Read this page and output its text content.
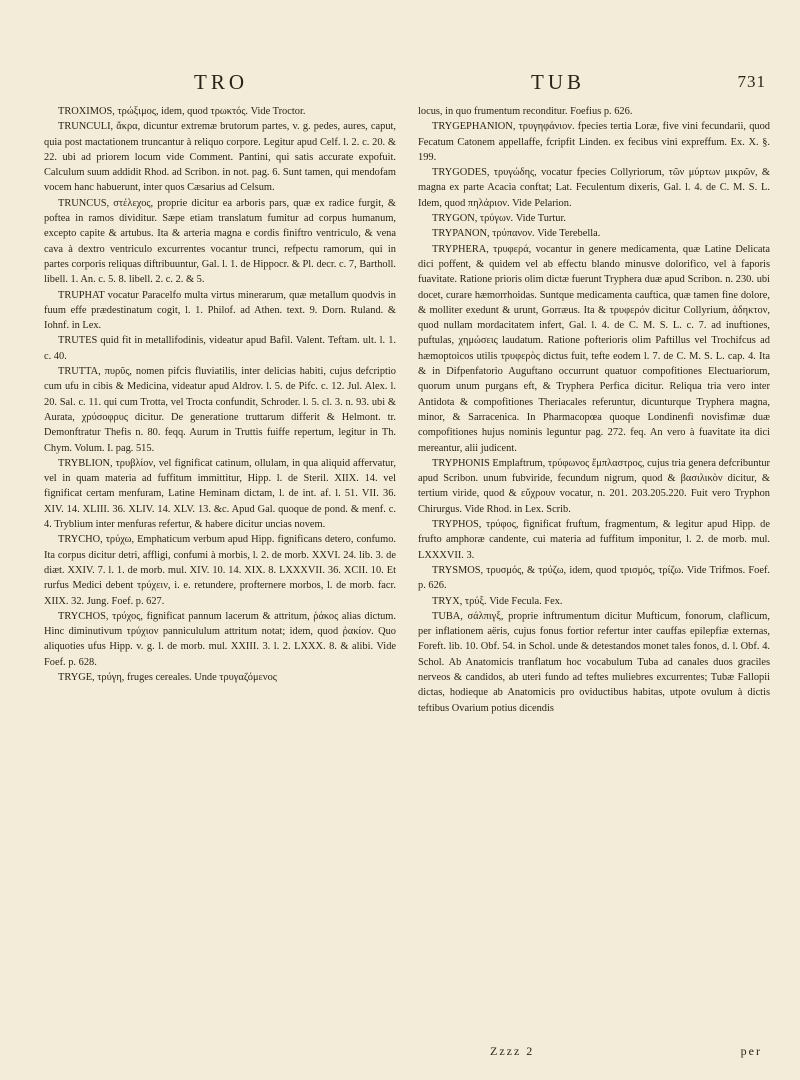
TRO	TUB	731

TROXIMOS, τρώξιμος, idem, quod τρωκτός. Vide Troctor.

TRUNCULI, ἄκρα, dicuntur extremæ brutorum partes, v. g. pedes, aures, caput, quia post mactationem truncantur à reliquo corpore. Legitur apud Celf. l. 2. c. 20. & 22. ubi ad priorem locum vide Comment. Pantini, qui satis accurate expofuit. Calculum suum addidit Rhod. ad Scribon. in not. pag. 6. Sunt tamen, qui mendofam vocem hanc habuerunt, inter quos Cæsarius ad Celsum.

TRUNCUS, στέλεχος, proprie dicitur ea arboris pars, quæ ex radice furgit, & poftea in ramos dividitur. Sæpe etiam translatum fumitur ad corpus humanum, excepto capite & artubus. Ita & arteria magna e cordis finiftro ventriculo, & vena cava à dextro ventriculo excurrentes vocantur trunci, refpectu ramorum, qui in partes corporis reliquas diftribuuntur, Gal. l. 1. de Hippocr. & Pl. decr. c. 7, Bartholl. libell. 1. An. c. 5. 8. libell. 2. c. 2. & 5.

TRUPHAT vocatur Paracelfo multa virtus minerarum, quæ metallum quodvis in fuum effe prædestinatum cogit, l. 1. Philof. ad Athen. text. 9. Dorn. Ruland. & Iohnf. in Lex.

TRUTES quid fit in metallifodinis, videatur apud Bafil. Valent. Teftam. ult. l. 1. c. 40.

TRUTTA, πυρῦς, nomen pifcis fluviatilis, inter delicias habiti, cujus defcriptio cum ufu in cibis & Medicina, videatur apud Aldrov. l. 5. de Pifc. c. 12. Jul. Alex. l. 20. Sal. c. 11. qui cum Trotta, vel Trocta confundit, Schroder. l. 5. cl. 3. n. 93. ubi & Aurata, χρύσοφρυς dicitur. De generatione truttarum differit & Helmont. tr. Demonftratur Thefis n. 80. feqq. Aurum in Truttis fuiffe repertum, legitur in Th. Chym. Volum. I. pag. 515.

TRYBLION, τρυβλίον, vel fignificat catinum, ollulam, in qua aliquid affervatur, vel in quam materia ad fuffitum immittitur, Hipp. l. de Steril. XIIX. 14. vel fignificat certam menfuram, Latine Heminam dictam, l. de int. af. l. 51. VII. 36. XIV. 14. XLIII. 36. XLIV. 14. XLV. 13. &c. Apud Gal. quoque de pond. & menf. c. 4. Tryblium inter menfuras refertur, & habere dicitur uncias novem.

TRYCHO, τρύχω, Emphaticum verbum apud Hipp. fignificans detero, confumo. Ita corpus dicitur detri, affligi, confumi à morbis, l. 2. de morb. XXVI. 24. lib. 3. de diæt. XXIV. 7. l. 1. de morb. mul. XIV. 10. 14. XIX. 8. LXXXVII. 36. XCII. 10. Et rurfus Medici debent τρύχειν, i. e. retundere, profternere morbos, l. de morb. facr. XIIX. 32. Jung. Foef. p. 627.

TRYCHOS, τρύχος, fignificat pannum lacerum & attritum, ῥάκος alias dictum. Hinc diminutivum τρύχιον pannicululum attritum notat; idem, quod ῥακίον. Quo aliquoties ufus Hipp. v. g. l. de morb. mul. XXIII. 3. l. 2. LXXX. 8. & alibi. Vide Foef. p. 628.

TRYGE, τρύγη, fruges cereales. Unde τρυγαζόμενος

locus, in quo frumentum reconditur. Foefius p. 626.

TRYGEPHANION, τρυγηφάνιον. fpecies tertia Loræ, five vini fecundarii, quod Fecatum Catonem appellaffe, fcripfit Linden. ex fecibus vini expreffum. Ex. X. §. 199.

TRYGODES, τρυγώδης, vocatur fpecies Collyriorum, τῶν μύρτων μικρῶν, & magna ex parte Acacia conftat; Lat. Feculentum dixeris, Gal. l. 4. de C. M. S. L. Idem, quod πηλάριον. Vide Pelarion.

TRYGON, τρύγων. Vide Turtur.

TRYPANON, τρύπανον. Vide Terebella.

TRYPHERA, τρυφερά, vocantur in genere medicamenta, quæ Latine Delicata dici poffent, & quidem vel ab effectu blando minusve dolorifico, vel à faporis fuavitate. Ratione prioris olim dictæ fuerunt Tryphera duæ apud Scribon. n. 230. ubi docet, curare hæmorrhoidas. Suntque medicamenta cauftica, quæ tamen fine dolore, & molliter exedunt & urunt, Gorræus. Ita & τρυφερόν dicitur Collyrium, ἀδηκτον, quod nullam mordacitatem infert, Gal. l. 4. de C. M. S. L. c. 7. ad inuftiones, puftulas, χημώσεις laudatum. Ratione pofterioris olim Paftillus vel Trochifcus ad hæmoptoicos utilis τρυφερὸς dictus fuit, tefte eodem l. 7. de C. M. S. L. cap. 4. Ita & in Difpenfatorio Auguftano occurrunt quatuor compofitiones Electuariorum, quorum unum purgans eft, & Tryphera Perfica dicitur. Reliqua tria vero inter Antidota & compofitiones Theriacales referuntur, dicunturque Tryphera magna, minor, & Sarracenica. In Pharmacopœa quoque Londinenfi novisfimæ duæ compofitiones hujus nominis leguntur pag. 272. feq. An vero à fuavitate ita dici mereantur, alii judicent.

TRYPHONIS Emplaftrum, τρύφωνος ἔμπλαστρος, cujus tria genera defcribuntur apud Scribon. unum fubviride, fecundum nigrum, quod & βασιλικὸν dicitur, & tertium viride, quod & εὔχρουν vocatur, n. 201. 203.205.220. Fuit vero Tryphon Chirurgus. Vide Rhod. in Lex. Scrib.

TRYPHOS, τρύφος, fignificat fruftum, fragmentum, & legitur apud Hipp. de frufto amphoræ candente, cui materia ad fuffitum imponitur, l. 2. de morb. mul. LXXXVII. 3.

TRYSMOS, τρυσμός, & τρύζω, idem, quod τρισμός, τρίζω. Vide Trifmos. Foef. p. 626.

TRYX, τρύξ. Vide Fecula. Fex.

TUBA, σάλπιγξ, proprie inftrumentum dicitur Mufticum, fonorum, claflicum, per inflationem aëris, cujus fonus fortior refertur inter cauffas epilepfiæ externas, Foreft. lib. 10. Obf. 54. in Schol. unde & detestandos monet tales fonos, d. l. Obf. 4. Schol. Ab Anatomicis tranflatum hoc vocabulum Tuba ad canales duos graciles nerveos & candidos, ab uteri fundo ad teftes muliebres excurrentes; Tubæ Fallopii dictas, hodieque ab Anatomicis pro oviductibus habitas, utpote ovulum à dictis teftibus Ovarium potius dicendis

Zzzz 2	per
